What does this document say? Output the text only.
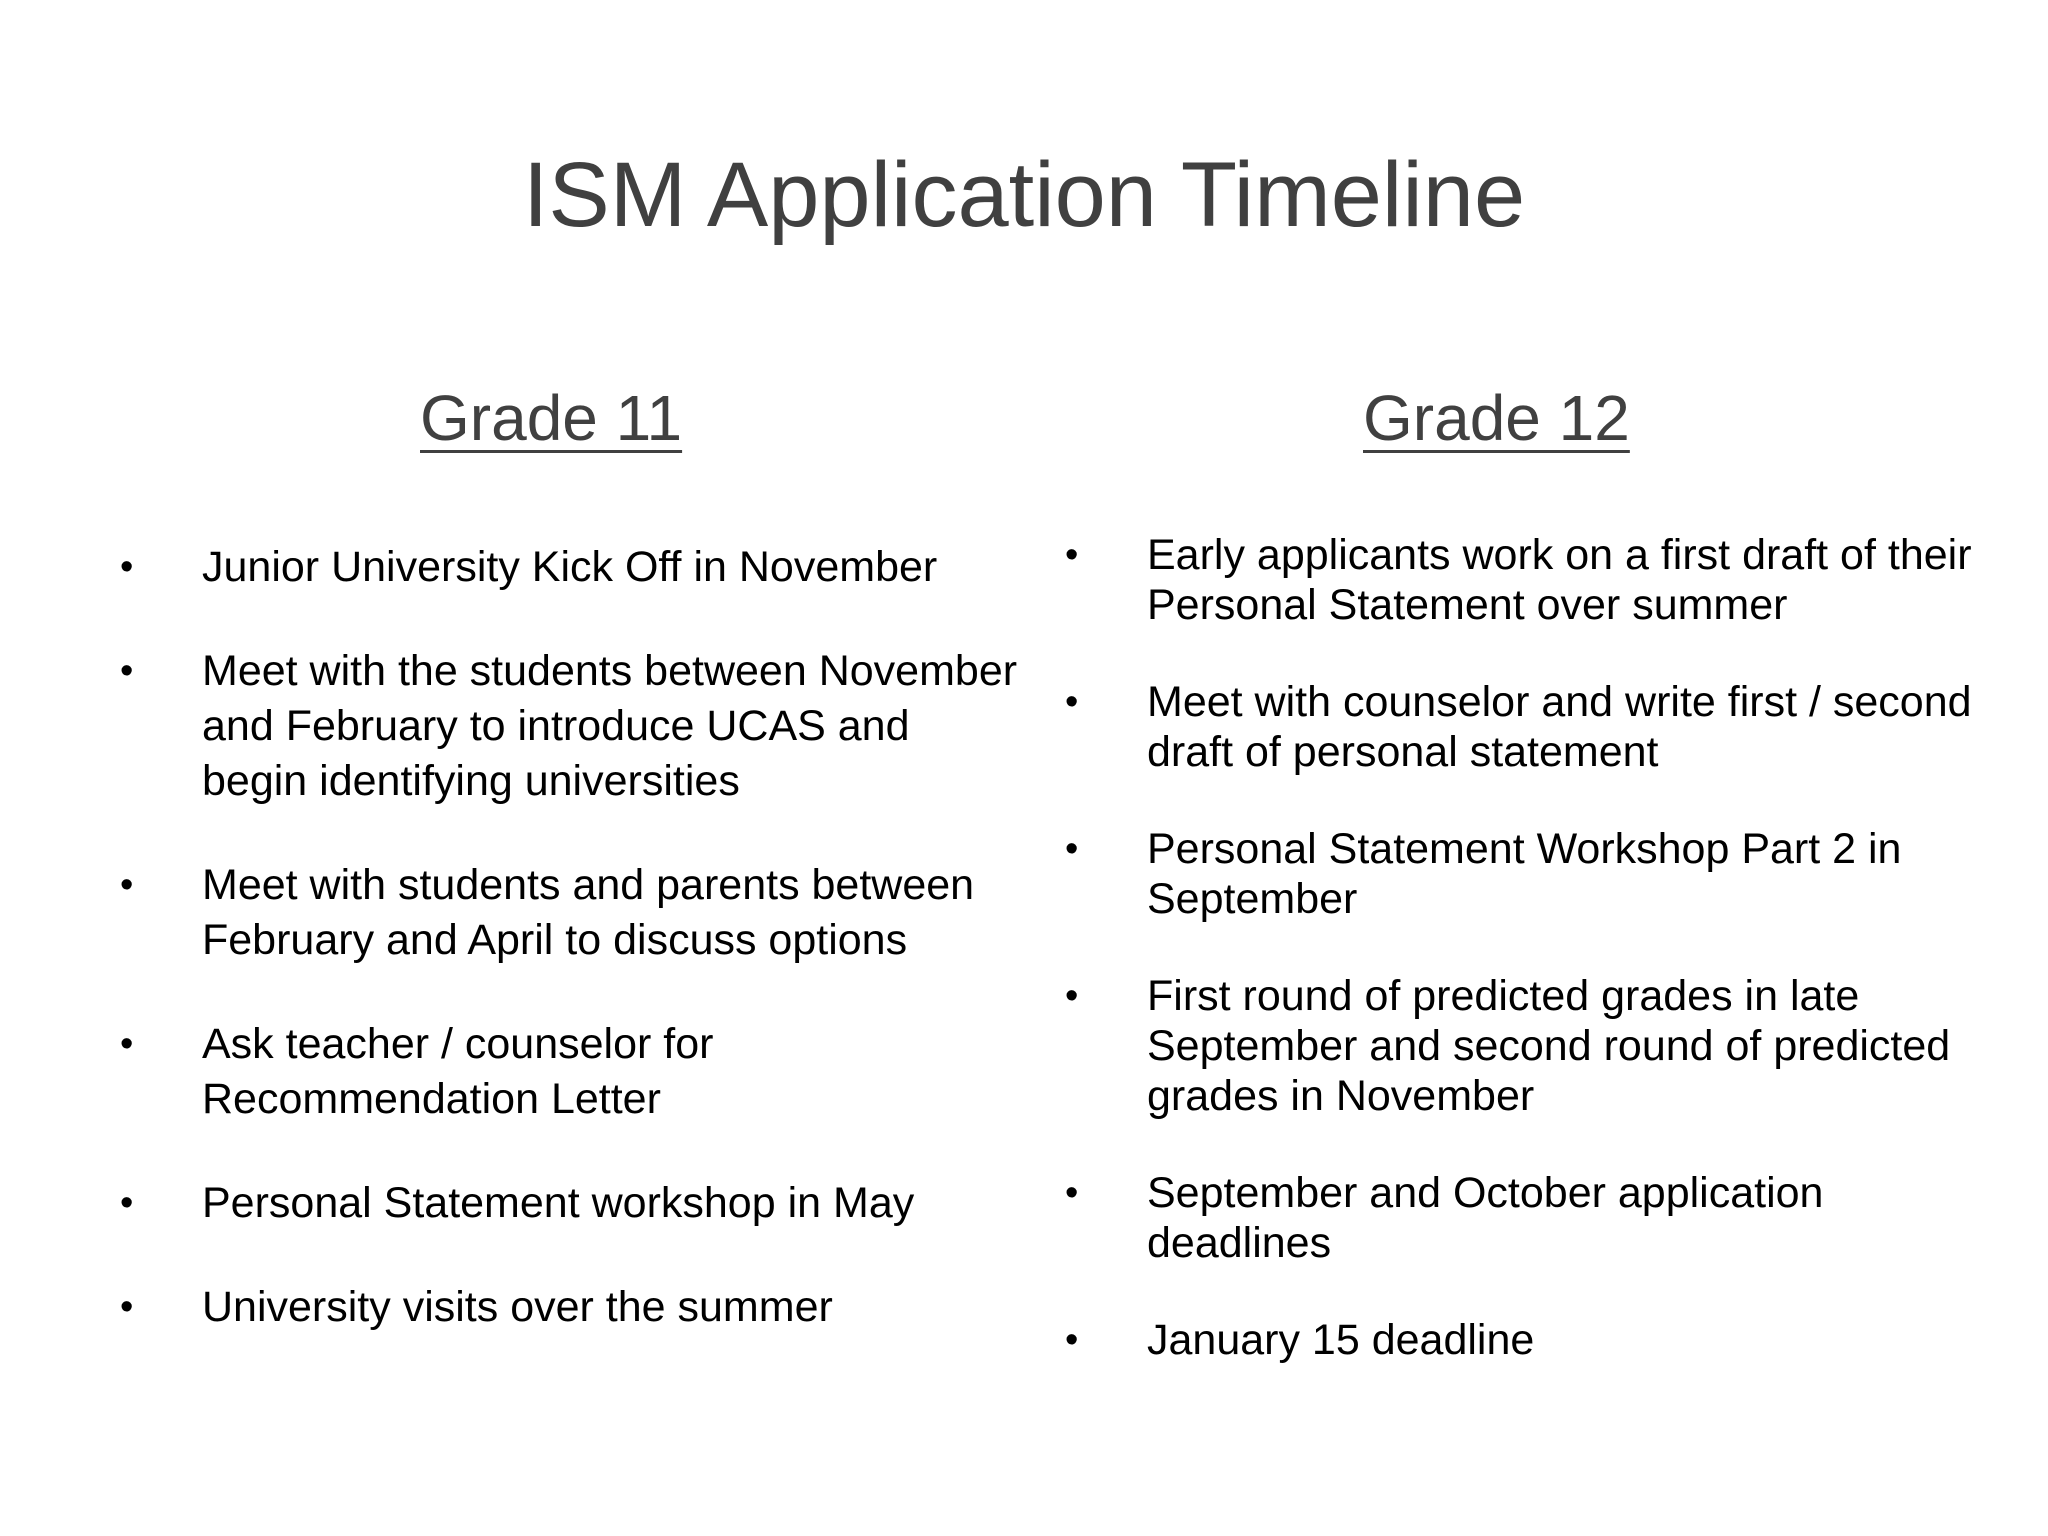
ISM Application Timeline
Grade 11	Grade 12
• Junior University Kick Off in November
• Meet with the students between November and February to introduce UCAS and begin identifying universities
• Meet with students and parents between February and April to discuss options
• Ask teacher / counselor for Recommendation Letter
• Personal Statement workshop in May
• University visits over the summer
• Early applicants work on a first draft of their Personal Statement over summer
• Meet with counselor and write first / second draft of personal statement
• Personal Statement Workshop Part 2 in September
• First round of predicted grades in late September and second round of predicted grades in November
• September and October application deadlines
• January 15 deadline
